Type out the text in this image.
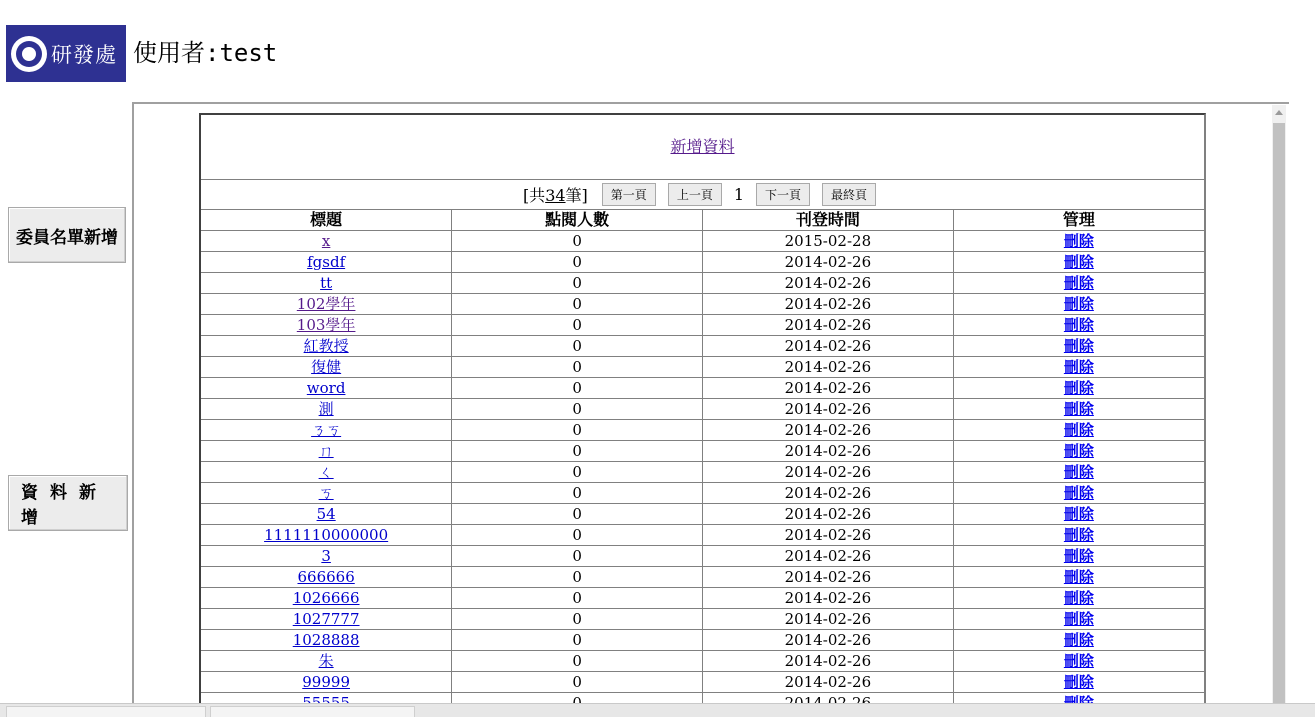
研發處 使用者:test
委員名單新增
資料新增
新增資料
[共34筆]	第一頁	上一頁	1	下一頁	最終頁
標題	點閱人數	刊登時間	管理
x	0	2015-02-28	刪除
fgsdf	0	2014-02-26	刪除
tt	0	2014-02-26	刪除
102學年	0	2014-02-26	刪除
103學年	0	2014-02-26	刪除
紅教授	0	2014-02-26	刪除
復健	0	2014-02-26	刪除
word	0	2014-02-26	刪除
測	0	2014-02-26	刪除
ㄋㄎ	0	2014-02-26	刪除
ㄇ	0	2014-02-26	刪除
ㄑ	0	2014-02-26	刪除
ㄎ	0	2014-02-26	刪除
54	0	2014-02-26	刪除
1111110000000	0	2014-02-26	刪除
3	0	2014-02-26	刪除
666666	0	2014-02-26	刪除
1026666	0	2014-02-26	刪除
1027777	0	2014-02-26	刪除
1028888	0	2014-02-26	刪除
朱	0	2014-02-26	刪除
99999	0	2014-02-26	刪除
